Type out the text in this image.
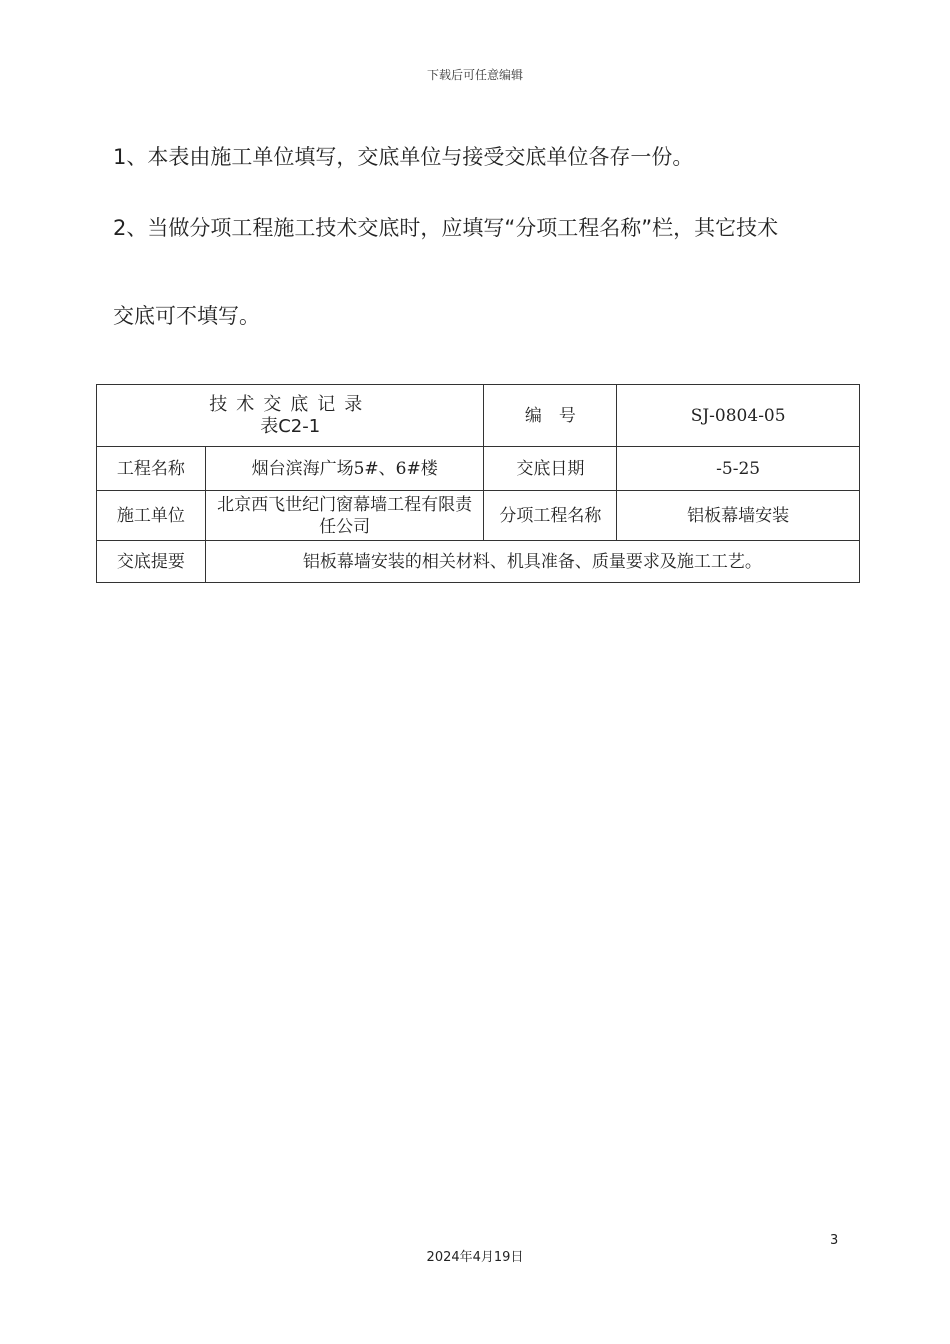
下载后可任意编辑
1、本表由施工单位填写，交底单位与接受交底单位各存一份。
2、当做分项工程施工技术交底时，应填写“分项工程名称”栏，其它技术
交底可不填写。
技术交底记录
表C2-1		编　号	SJ-0804-05
工程名称	烟台滨海广场5#、6#楼	交底日期	-5-25
施工单位	北京西飞世纪门窗幕墙工程有限责任公司	分项工程名称	铝板幕墙安装
交底提要	铝板幕墙安装的相关材料、机具准备、质量要求及施工工艺。		
3
2024年4月19日
